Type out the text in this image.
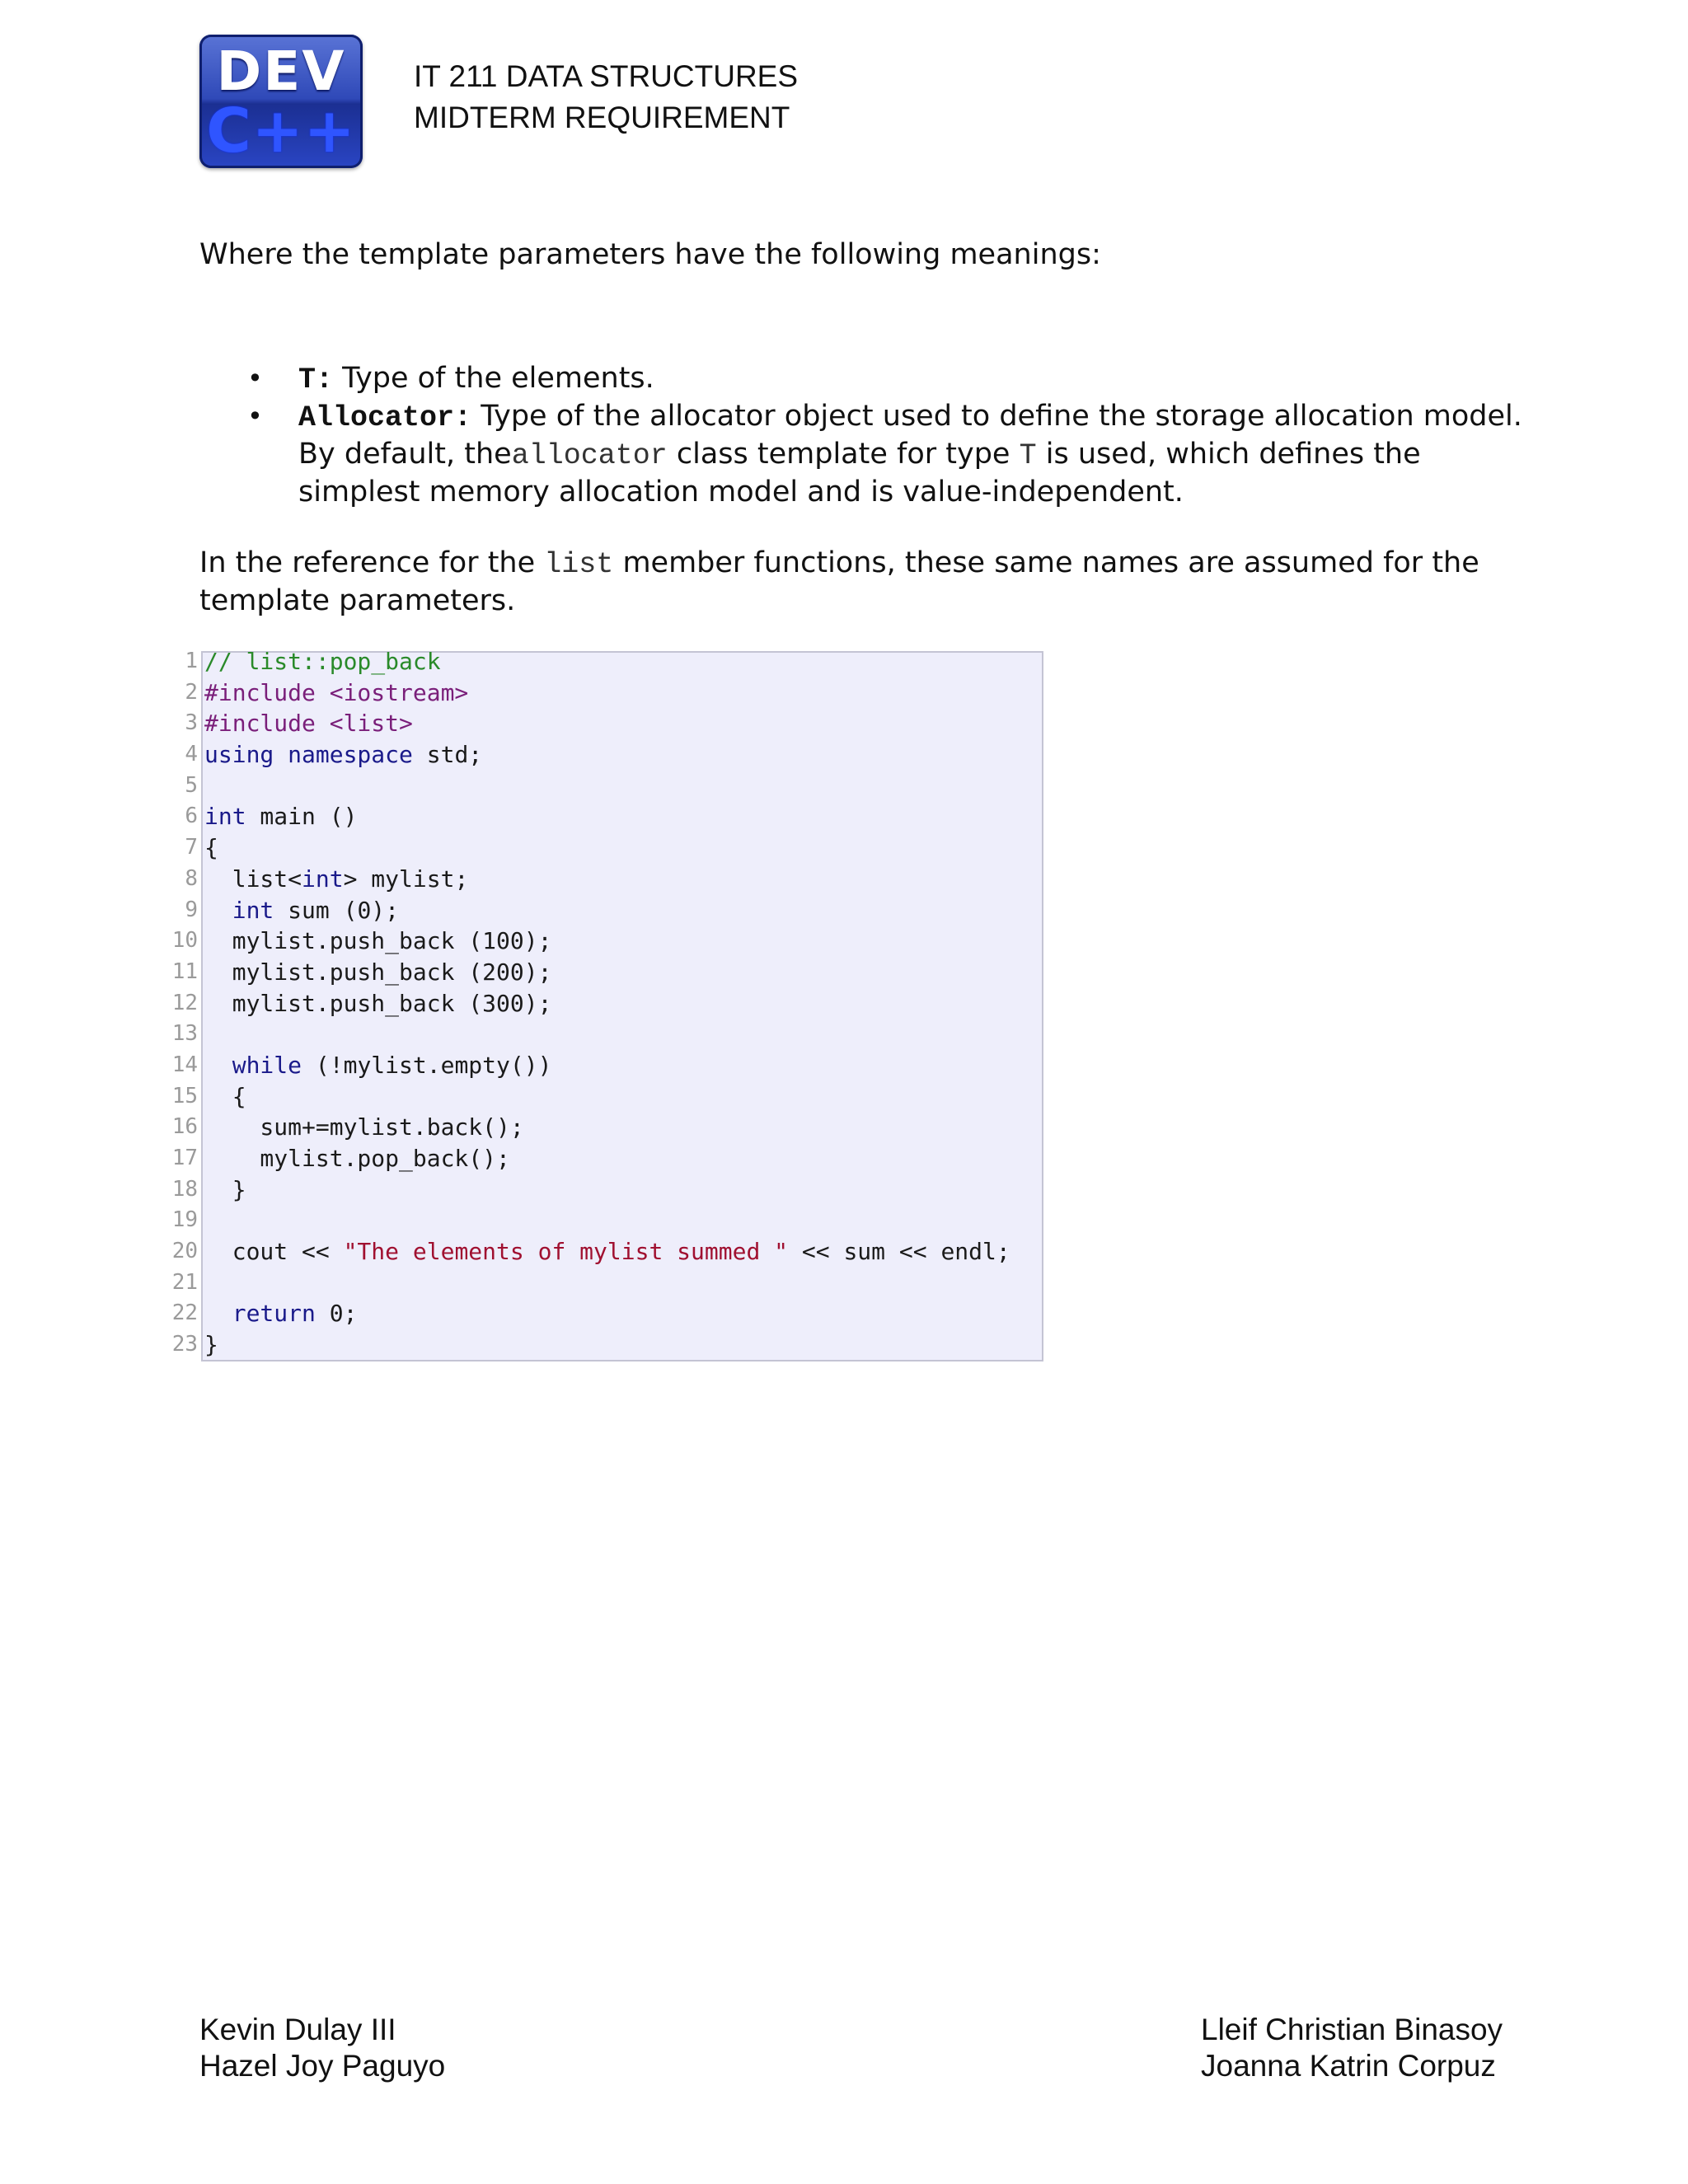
DEV
C++
IT 211 DATA STRUCTURES
MIDTERM REQUIREMENT
Where the template parameters have the following meanings:
• T: Type of the elements.
• Allocator: Type of the allocator object used to define the storage allocation model. By default, theallocator class template for type T is used, which defines the simplest memory allocation model and is value-independent.
In the reference for the list member functions, these same names are assumed for the template parameters.
1
2
3
4
5
6
7
8
9
10
11
12
13
14
15
16
17
18
19
20
21
22
23
// list::pop_back
#include <iostream>
#include <list>
using namespace std;
int main ()
{
list<int> mylist;
int sum (0);
mylist.push_back (100);
mylist.push_back (200);
mylist.push_back (300);
while (!mylist.empty())
{
sum+=mylist.back();
mylist.pop_back();
}
cout << "The elements of mylist summed " << sum << endl;
return 0;
}
Kevin Dulay III
Hazel Joy Paguyo
Lleif Christian Binasoy
Joanna Katrin Corpuz
